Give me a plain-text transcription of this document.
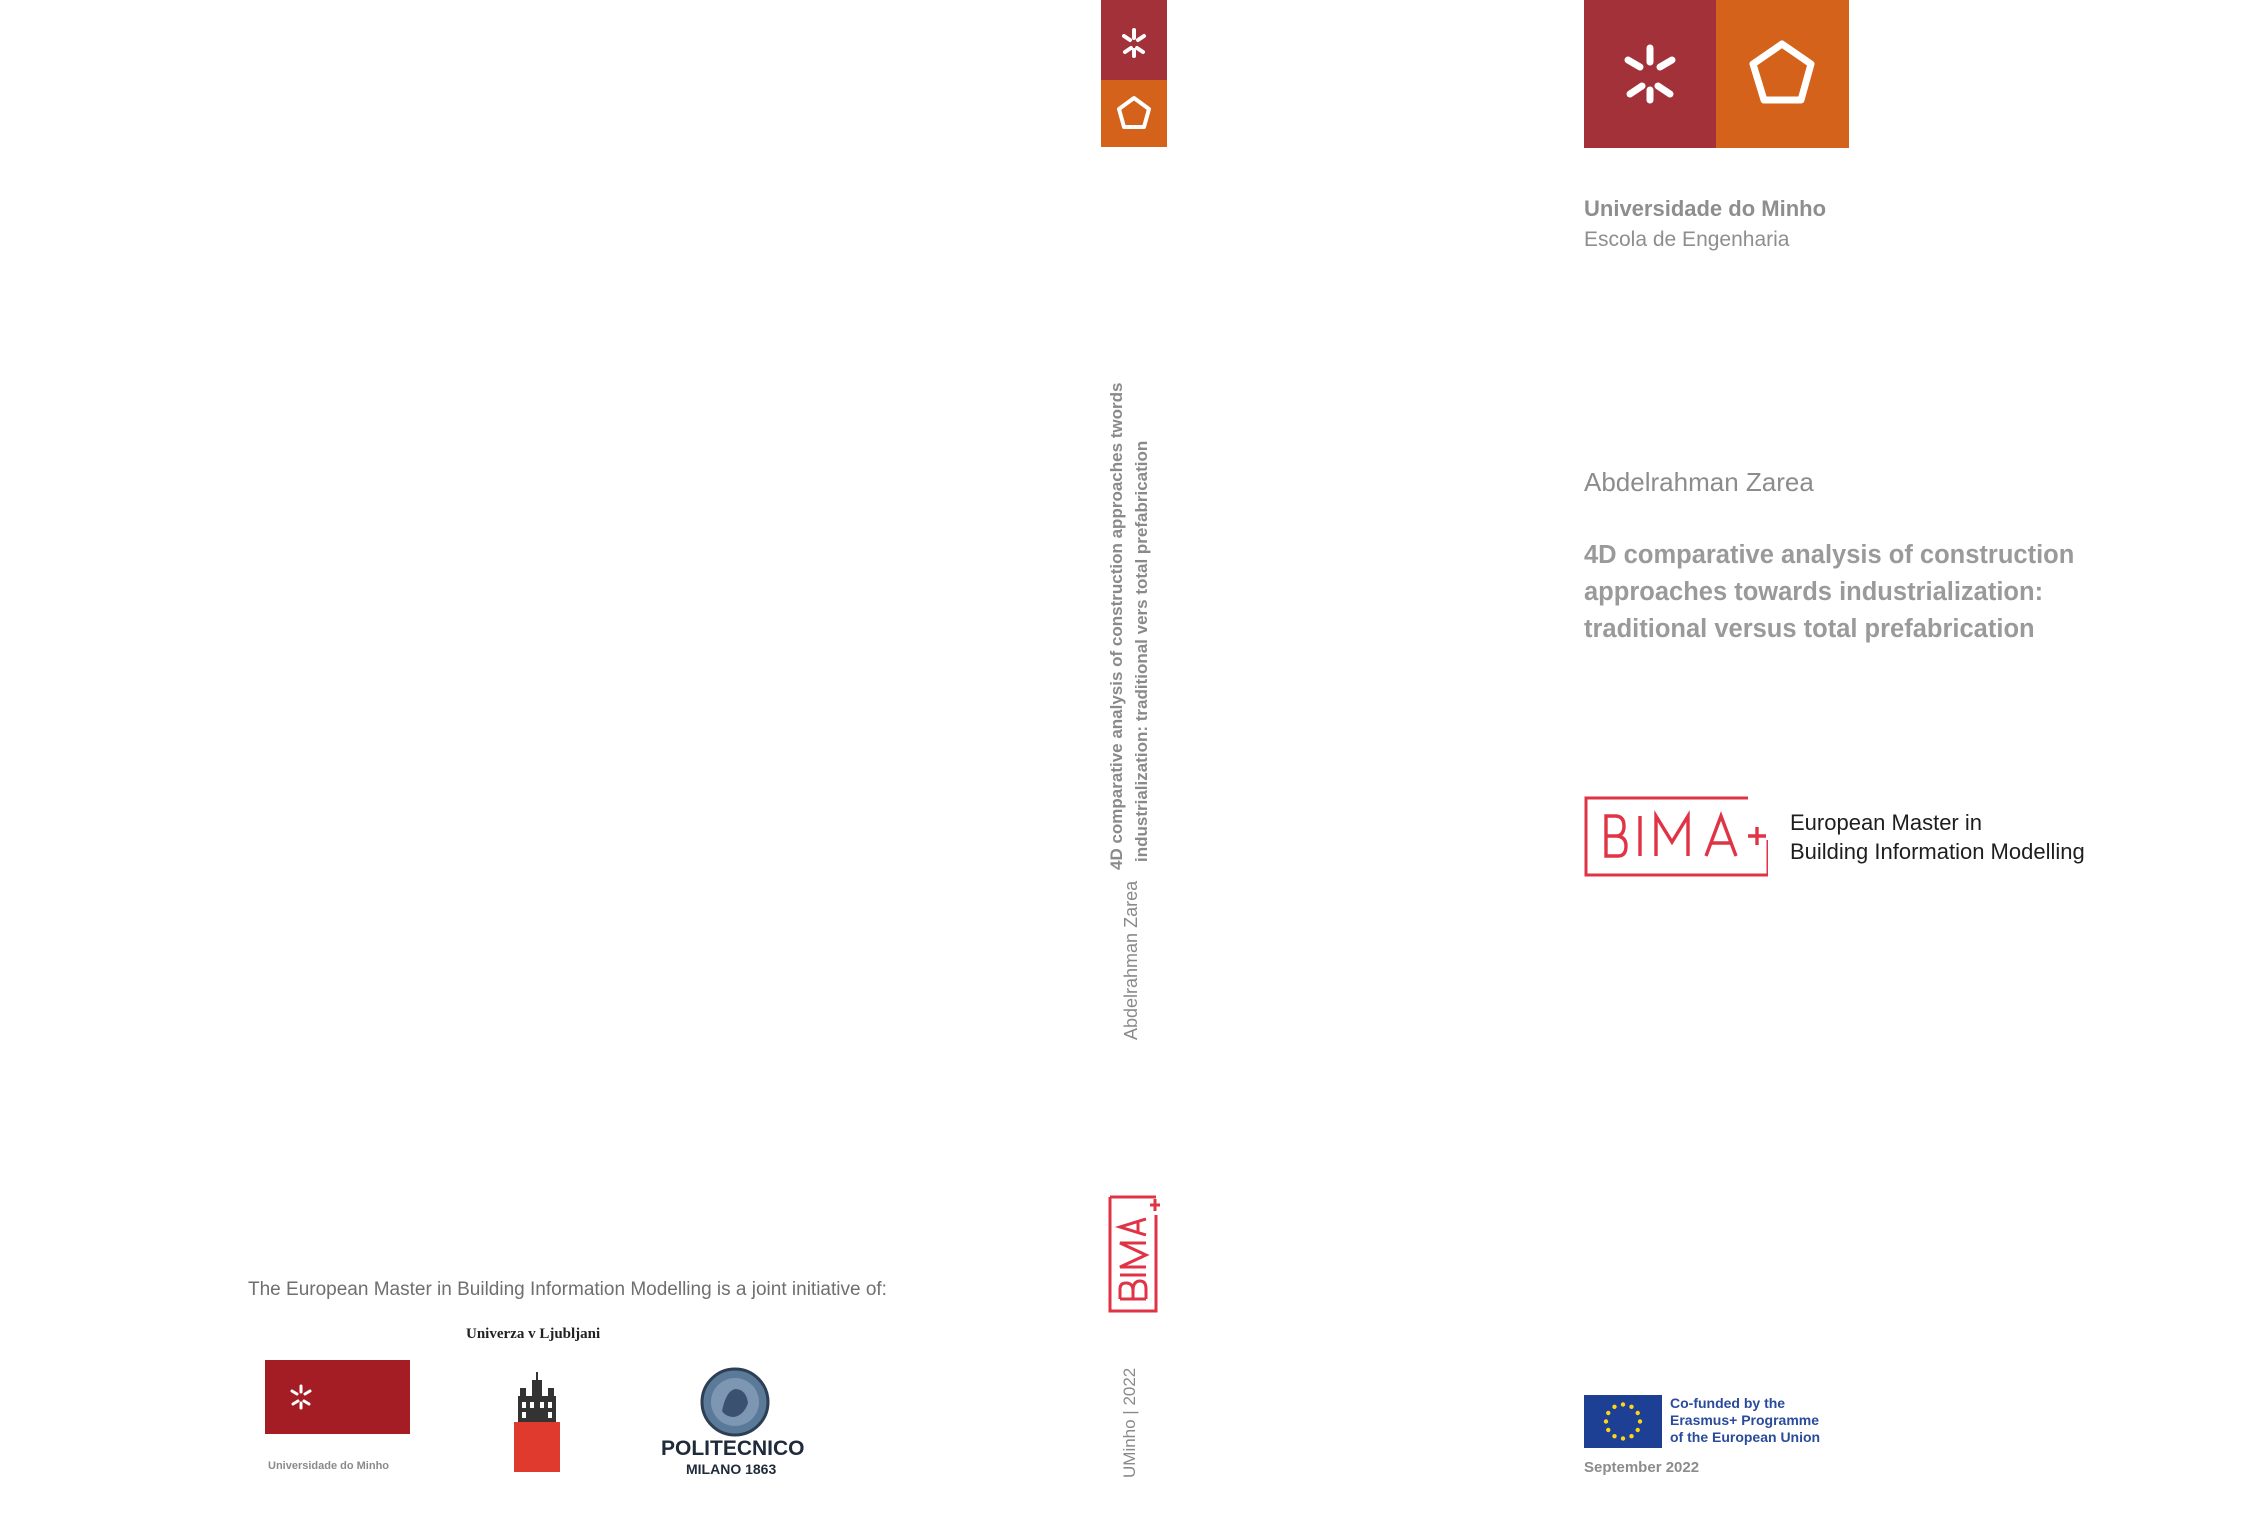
4D comparative analysis of construction approaches twords industrialization: traditional vers total prefabrication
Abdelrahman Zarea
UMinho | 2022
Universidade do Minho
Escola de Engenharia
Abdelrahman Zarea
4D comparative analysis of construction
approaches towards industrialization:
traditional versus total prefabrication
European Master in
Building Information Modelling
Co-funded by the
Erasmus+ Programme
of the European Union
September 2022
The European Master in Building Information Modelling is a joint initiative of:
Universidade do Minho
Univerza v Ljubljani
POLITECNICO
MILANO 1863
